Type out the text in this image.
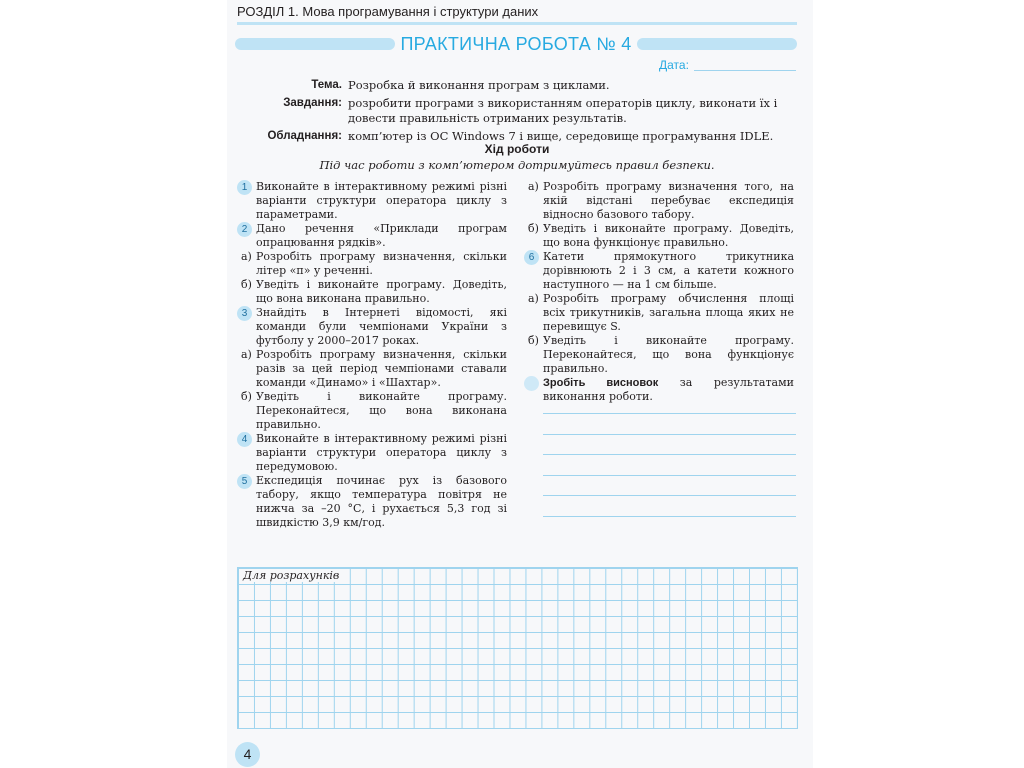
РОЗДІЛ 1. Мова програмування і структури даних
ПРАКТИЧНА РОБОТА № 4
Дата:
Тема. Розробка й виконання програм з циклами.
Завдання: розробити програми з використанням операторів циклу, виконати їх і довести правильність отриманих результатів.
Обладнання: комп’ютер із ОС Windows 7 і вище, середовище програмування IDLE.
Хід роботи
Під час роботи з комп’ютером дотримуйтесь правил безпеки.
1 Виконайте в інтерактивному режимі різні варіанти структури оператора циклу з параметрами.
2 Дано речення «Приклади програм опрацювання рядків».
а) Розробіть програму визначення, скільки літер «п» у реченні.
б) Уведіть і виконайте програму. Доведіть, що вона виконана правильно.
3 Знайдіть в Інтернеті відомості, які команди були чемпіонами України з футболу у 2000–2017 роках.
а) Розробіть програму визначення, скільки разів за цей період чемпіонами ставали команди «Динамо» і «Шахтар».
б) Уведіть і виконайте програму. Переконайтеся, що вона виконана правильно.
4 Виконайте в інтерактивному режимі різні варіанти структури оператора циклу з передумовою.
5 Експедиція починає рух із базового табору, якщо температура повітря не нижча за –20 °С, і рухається 5,3 год зі швидкістю 3,9 км/год.
а) Розробіть програму визначення того, на якій відстані перебуває експедиція відносно базового табору.
б) Уведіть і виконайте програму. Доведіть, що вона функціонує правильно.
6 Катети прямокутного трикутника дорівнюють 2 і 3 см, а катети кожного наступного — на 1 см більше.
а) Розробіть програму обчислення площі всіх трикутників, загальна площа яких не перевищує S.
б) Уведіть і виконайте програму. Переконайтеся, що вона функціонує правильно.
Зробіть висновок за результатами виконання роботи.
Для розрахунків
4
